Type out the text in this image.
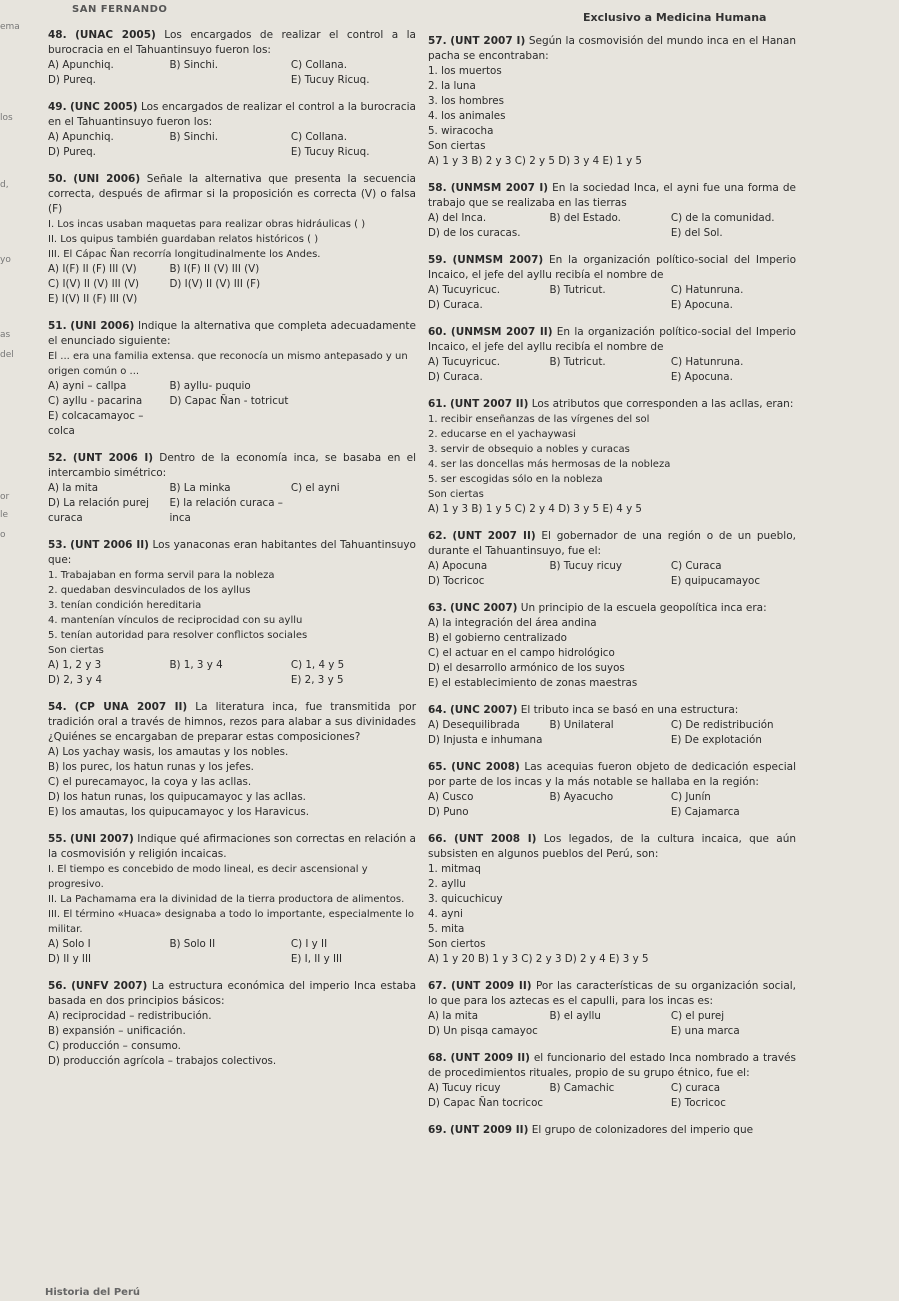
SAN FERNANDO
Exclusivo a Medicina Humana
ema
los
d,
yo
as
del
or
le
o
48. (UNAC 2005) Los encargados de realizar el control a la burocracia en el Tahuantinsuyo fueron los:
A) Apunchiq.	B) Sinchi.	C) Collana.
D) Pureq.	E) Tucuy Ricuq.
49. (UNC 2005) Los encargados de realizar el control a la burocracia en el Tahuantinsuyo fueron los:
A) Apunchiq.	B) Sinchi.	C) Collana.
D) Pureq.	E) Tucuy Ricuq.
50. (UNI 2006) Señale la alternativa que presenta la secuencia correcta, después de afirmar si la proposición es correcta (V) o falsa (F)
I. Los incas usaban maquetas para realizar obras hidráulicas ( )
II. Los quipus también guardaban relatos históricos ( )
III. El Cápac Ñan recorría longitudinalmente los Andes.
A) I(F) II (F) III (V)	B) I(F) II (V) III (V)
C) I(V) II (V) III (V)	D) I(V) II (V) III (F)
E) I(V) II (F) III (V)
51. (UNI 2006) Indique la alternativa que completa adecuadamente el enunciado siguiente:
El ... era una familia extensa. que reconocía un mismo antepasado y un origen común o ...
A) ayni – callpa	B) ayllu- puquio
C) ayllu - pacarina	D) Capac Ñan - totricut
E) colcacamayoc –colca
52. (UNT 2006 I) Dentro de la economía inca, se basaba en el intercambio simétrico:
A) la mita	B) La minka	C) el ayni
D) La relación purej curaca
E) la relación curaca – inca
53. (UNT 2006 II) Los yanaconas eran habitantes del Tahuantinsuyo que:
1. Trabajaban en forma servil para la nobleza
2. quedaban desvinculados de los ayllus
3. tenían condición hereditaria
4. mantenían vínculos de reciprocidad con su ayllu
5. tenían autoridad para resolver conflictos sociales
Son ciertas
A) 1, 2 y 3	B) 1, 3 y 4	C) 1, 4 y 5
D) 2, 3 y 4	E) 2, 3 y 5
54. (CP UNA 2007 II) La literatura inca, fue transmitida por tradición oral a través de himnos, rezos para alabar a sus divinidades ¿Quiénes se encargaban de preparar estas composiciones?
A) Los yachay wasis, los amautas y los nobles.
B) los purec, los hatun runas y los jefes.
C) el purecamayoc, la coya y las acllas.
D) los hatun runas, los quipucamayoc y las acllas.
E) los amautas, los quipucamayoc y los Haravicus.
55. (UNI 2007) Indique qué afirmaciones son correctas en relación a la cosmovisión y religión incaicas.
I. El tiempo es concebido de modo lineal, es decir ascensional y progresivo.
II. La Pachamama era la divinidad de la tierra productora de alimentos.
III. El término «Huaca» designaba a todo lo importante, especialmente lo militar.
A) Solo I	B) Solo II	C) I y II
D) II y III	E) I, II y III
56. (UNFV 2007) La estructura económica del imperio Inca estaba basada en dos principios básicos:
A) reciprocidad – redistribución.
B) expansión – unificación.
C) producción – consumo.
D) producción agrícola – trabajos colectivos.
57. (UNT 2007 I) Según la cosmovisión del mundo inca en el Hanan pacha se encontraban:
1. los muertos
2. la luna
3. los hombres
4. los animales
5. wiracocha
Son ciertas
A) 1 y 3 B) 2 y 3 C) 2 y 5 D) 3 y 4 E) 1 y 5
58. (UNMSM 2007 I) En la sociedad Inca, el ayni fue una forma de trabajo que se realizaba en las tierras
A) del Inca.	B) del Estado.	C) de la comunidad.
D) de los curacas.	E) del Sol.
59. (UNMSM 2007) En la organización político-social del Imperio Incaico, el jefe del ayllu recibía el nombre de
A) Tucuyricuc.	B) Tutricut.	C) Hatunruna.
D) Curaca.	E) Apocuna.
60. (UNMSM 2007 II) En la organización político-social del Imperio Incaico, el jefe del ayllu recibía el nombre de
A) Tucuyricuc.	B) Tutricut.	C) Hatunruna.
D) Curaca.	E) Apocuna.
61. (UNT 2007 II) Los atributos que corresponden a las acllas, eran:
1. recibir enseñanzas de las vírgenes del sol
2. educarse en el yachaywasi
3. servir de obsequio a nobles y curacas
4. ser las doncellas más hermosas de la nobleza
5. ser escogidas sólo en la nobleza
Son ciertas
A) 1 y 3 B) 1 y 5 C) 2 y 4 D) 3 y 5 E) 4 y 5
62. (UNT 2007 II) El gobernador de una región o de un pueblo, durante el Tahuantinsuyo, fue el:
A) Apocuna	B) Tucuy ricuy	C) Curaca
D) Tocricoc	E) quipucamayoc
63. (UNC 2007) Un principio de la escuela geopolítica inca era:
A) la integración del área andina
B) el gobierno centralizado
C) el actuar en el campo hidrológico
D) el desarrollo armónico de los suyos
E) el establecimiento de zonas maestras
64. (UNC 2007) El tributo inca se basó en una estructura:
A) Desequilibrada	B) Unilateral	C) De redistribución
D) Injusta e inhumana	E) De explotación
65. (UNC 2008) Las acequias fueron objeto de dedicación especial por parte de los incas y la más notable se hallaba en la región:
A) Cusco	B) Ayacucho	C) Junín
D) Puno	E) Cajamarca
66. (UNT 2008 I) Los legados, de la cultura incaica, que aún subsisten en algunos pueblos del Perú, son:
1. mitmaq
2. ayllu
3. quicuchicuy
4. ayni
5. mita
Son ciertos
A) 1 y 20 B) 1 y 3 C) 2 y 3 D) 2 y 4 E) 3 y 5
67. (UNT 2009 II) Por las características de su organización social, lo que para los aztecas es el capulli, para los incas es:
A) la mita	B) el ayllu	C) el purej
D) Un pisqa camayoc	E) una marca
68. (UNT 2009 II) el funcionario del estado Inca nombrado a través de procedimientos rituales, propio de su grupo étnico, fue el:
A) Tucuy ricuy	B) Camachic	C) curaca
D) Capac Ñan tocricoc	E) Tocricoc
69. (UNT 2009 II) El grupo de colonizadores del imperio que
Historia del Perú
